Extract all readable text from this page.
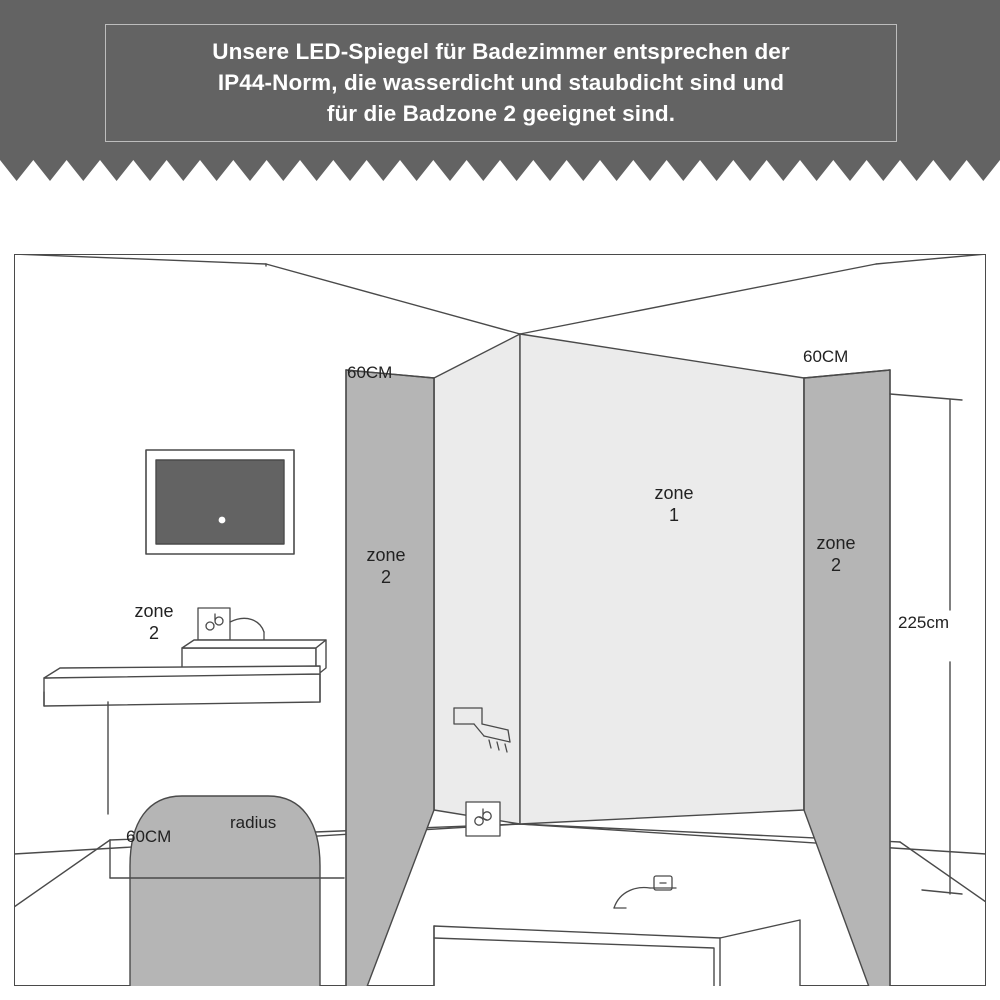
Unsere LED-Spiegel für Badezimmer entsprechen der
IP44-Norm, die wasserdicht und staubdicht sind und
für die Badzone 2 geeignet sind.
60CM
60CM
60CM
225cm
radius
zone
1
zone
2
zone
2
zone
2
